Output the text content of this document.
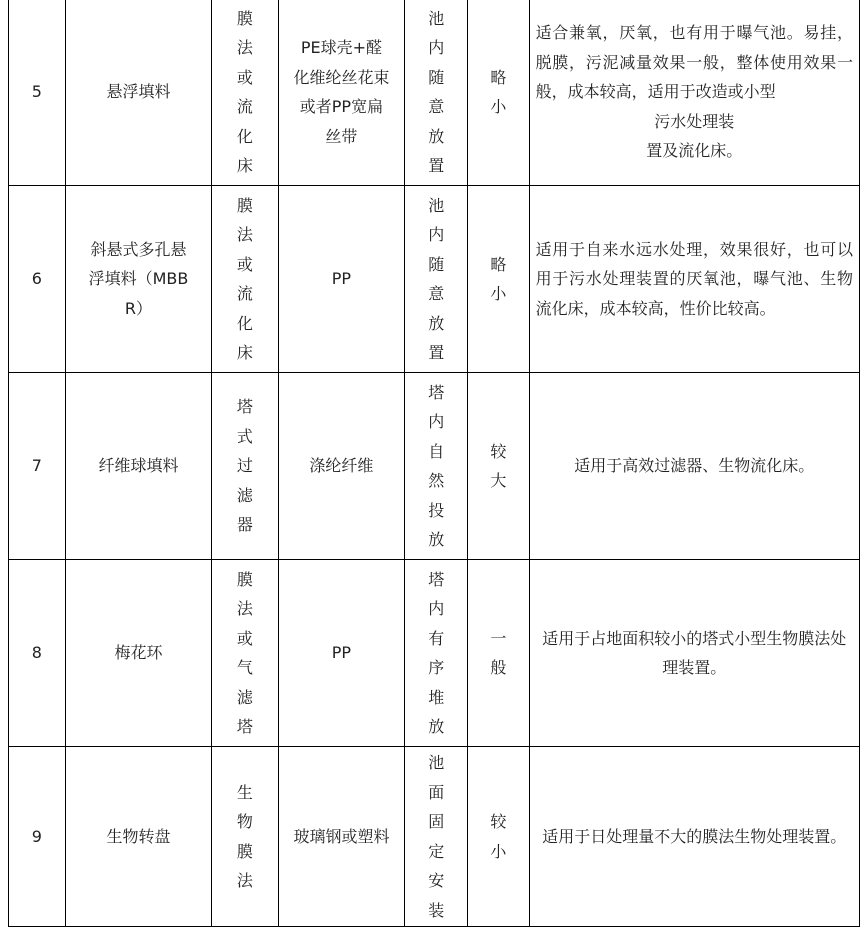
5	悬浮填料	膜法或流化床	PE球壳+醛化维纶丝花束或者PP宽扁丝带	池内随意放置	略小	适合兼氧，厌氧，也有用于曝气池。易挂，脱膜，污泥减量效果一般，整体使用效果一般，成本较高，适用于改造或小型
污水处理装
置及流化床。

6	斜悬式多孔悬浮填料（MBBR）	膜法或流化床	PP	池内随意放置	略小	适用于自来水远水处理，效果很好，也可以用于污水处理装置的厌氧池，曝气池、生物流化床，成本较高，性价比较高。

7	纤维球填料	塔式过滤器	涤纶纤维	塔内自然投放	较大	适用于高效过滤器、生物流化床。

8	梅花环	膜法或气滤塔	PP	塔内有序堆放	一般	适用于占地面积较小的塔式小型生物膜法处理装置。

9	生物转盘	生物膜法	玻璃钢或塑料	池面固定安装	较小	适用于日处理量不大的膜法生物处理装置。
